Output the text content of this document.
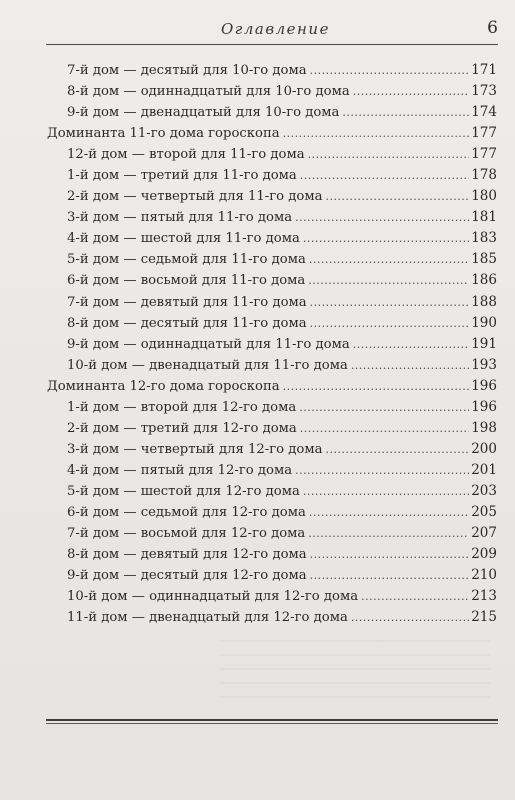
Оглавление	6
7-й дом — десятый для 10-го дома . . .	171
8-й дом — одиннадцатый для 10-го дома . . .	173
9-й дом — двенадцатый для 10-го дома . . .	174
Доминанта 11-го дома гороскопа . . .	177
12-й дом — второй для 11-го дома . . .	177
1-й дом — третий для 11-го дома . . .	178
2-й дом — четвертый для 11-го дома . . .	180
3-й дом — пятый для 11-го дома . . .	181
4-й дом — шестой для 11-го дома . . .	183
5-й дом — седьмой для 11-го дома . . .	185
6-й дом — восьмой для 11-го дома . . .	186
7-й дом — девятый для 11-го дома . . .	188
8-й дом — десятый для 11-го дома . . .	190
9-й дом — одиннадцатый для 11-го дома . . .	191
10-й дом — двенадцатый для 11-го дома . . .	193
Доминанта 12-го дома гороскопа . . .	196
1-й дом — второй для 12-го дома . . .	196
2-й дом — третий для 12-го дома . . .	198
3-й дом — четвертый для 12-го дома . . .	200
4-й дом — пятый для 12-го дома . . .	201
5-й дом — шестой для 12-го дома . . .	203
6-й дом — седьмой для 12-го дома . . .	205
7-й дом — восьмой для 12-го дома . . .	207
8-й дом — девятый для 12-го дома . . .	209
9-й дом — десятый для 12-го дома . . .	210
10-й дом — одиннадцатый для 12-го дома . . .	213
11-й дом — двенадцатый для 12-го дома . . .	215
